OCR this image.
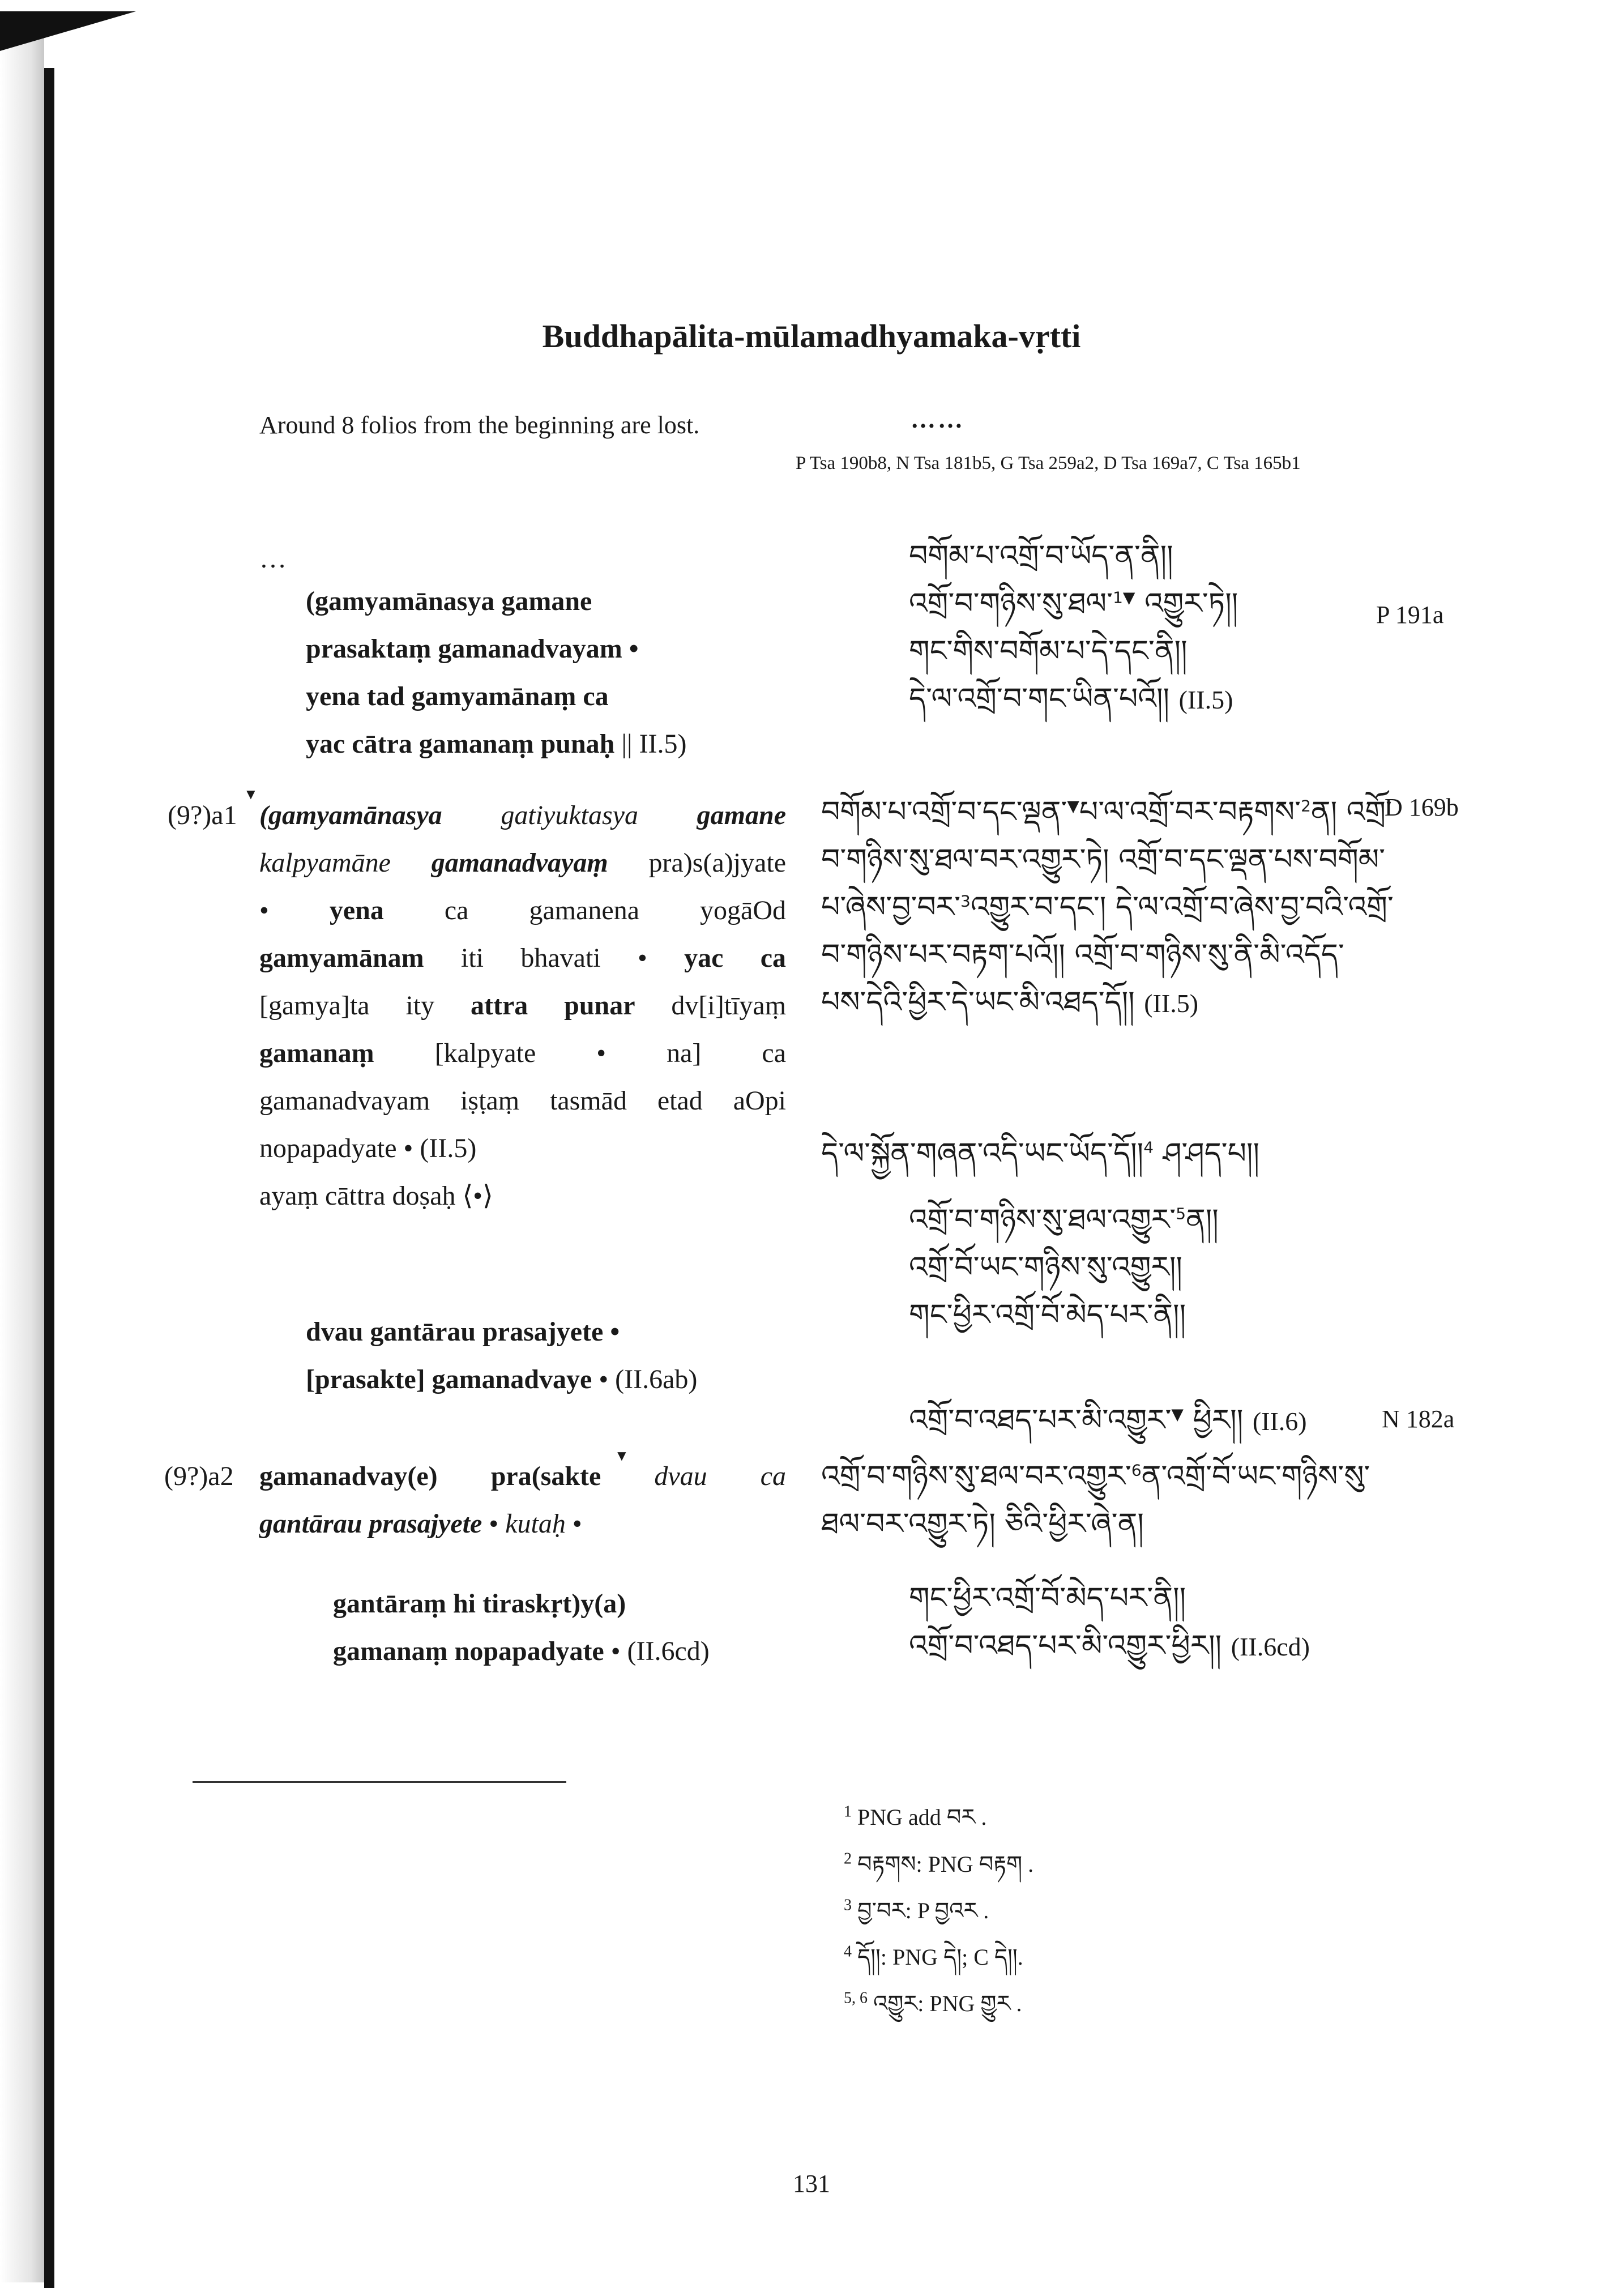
Buddhapālita-mūlamadhyamaka-vṛtti
Around 8 folios from the beginning are lost.	……
P Tsa 190b8, N Tsa 181b5, G Tsa 259a2, D Tsa 169a7, C Tsa 165b1
…
(gamyamānasya gamane
prasaktaṃ gamanadvayam •
yena tad gamyamānaṃ ca
yac cātra gamanaṃ punaḥ || II.5)
(9?)a1
▼
(gamyamānasya gatiyuktasya gamane
kalpyamāne gamanadvayaṃ pra)s(a)jyate
• yena ca gamanena yogāOd
gamyamānam iti bhavati • yac ca
[gamya]ta ity attra punar dv[i]tīyaṃ
gamanaṃ [kalpyate • na] ca
gamanadvayam iṣṭaṃ tasmād etad aOpi
nopapadyate • (II.5)
ayaṃ cāttra doṣaḥ ⟨•⟩
dvau gantārau prasajyete •
[prasakte] gamanadvaye • (II.6ab)
(9?)a2
▼
gamanadvay(e) pra(sakte dvau ca
gantārau prasajyete • kutaḥ •
gantāraṃ hi tiraskṛt)y(a)
gamanaṃ nopapadyate • (II.6cd)
བགོམ་པ་འགྲོ་བ་ཡོད་ན་ནི།།
འགྲོ་བ་གཉིས་སུ་ཐལ་$^{1▼}$ འགྱུར་ཏེ།།
གང་གིས་བགོམ་པ་དེ་དང་ནི།།
དེ་ལ་འགྲོ་བ་གང་ཡིན་པའོ།། (II.5)
བགོམ་པ་འགྲོ་བ་དང་ལྡན་▼པ་ལ་འགྲོ་བར་བརྟགས་$^2$ན། འགྲོ་
བ་གཉིས་སུ་ཐལ་བར་འགྱུར་ཏེ། འགྲོ་བ་དང་ལྡན་པས་བགོམ་
པ་ཞེས་བྱ་བར་$^3$འགྱུར་བ་དང་། དེ་ལ་འགྲོ་བ་ཞེས་བྱ་བའི་འགྲོ་
བ་གཉིས་པར་བརྟག་པའོ།། འགྲོ་བ་གཉིས་སུ་ནི་མི་འདོད་
པས་དེའི་ཕྱིར་དེ་ཡང་མི་འཐད་དོ།། (II.5)
དེ་ལ་སྐྱོན་གཞན་འདི་ཡང་ཡོད་དོ།།$^4$ ཤ་ཤད་པ།།
འགྲོ་བ་གཉིས་སུ་ཐལ་འགྱུར་$^5$ན།།
འགྲོ་བོ་ཡང་གཉིས་སུ་འགྱུར།།
གང་ཕྱིར་འགྲོ་བོ་མེད་པར་ནི།།
འགྲོ་བ་འཐད་པར་མི་འགྱུར་▼ ཕྱིར།། (II.6)
འགྲོ་བ་གཉིས་སུ་ཐལ་བར་འགྱུར་$^6$ན་འགྲོ་བོ་ཡང་གཉིས་སུ་
ཐལ་བར་འགྱུར་ཏེ། ཅིའི་ཕྱིར་ཞེ་ན།
གང་ཕྱིར་འགྲོ་བོ་མེད་པར་ནི།།
འགྲོ་བ་འཐད་པར་མི་འགྱུར་ཕྱིར།། (II.6cd)
P 191a
D 169b
N 182a
$^1$ PNG add བར .
$^2$ བརྟགས: PNG བརྟག .
$^3$ བྱ་བར: P བྱའར .
$^4$ དོ།།: PNG དེ།; C དེ།།.
$^{5, 6}$ འགྱུར: PNG གྱུར .
131
